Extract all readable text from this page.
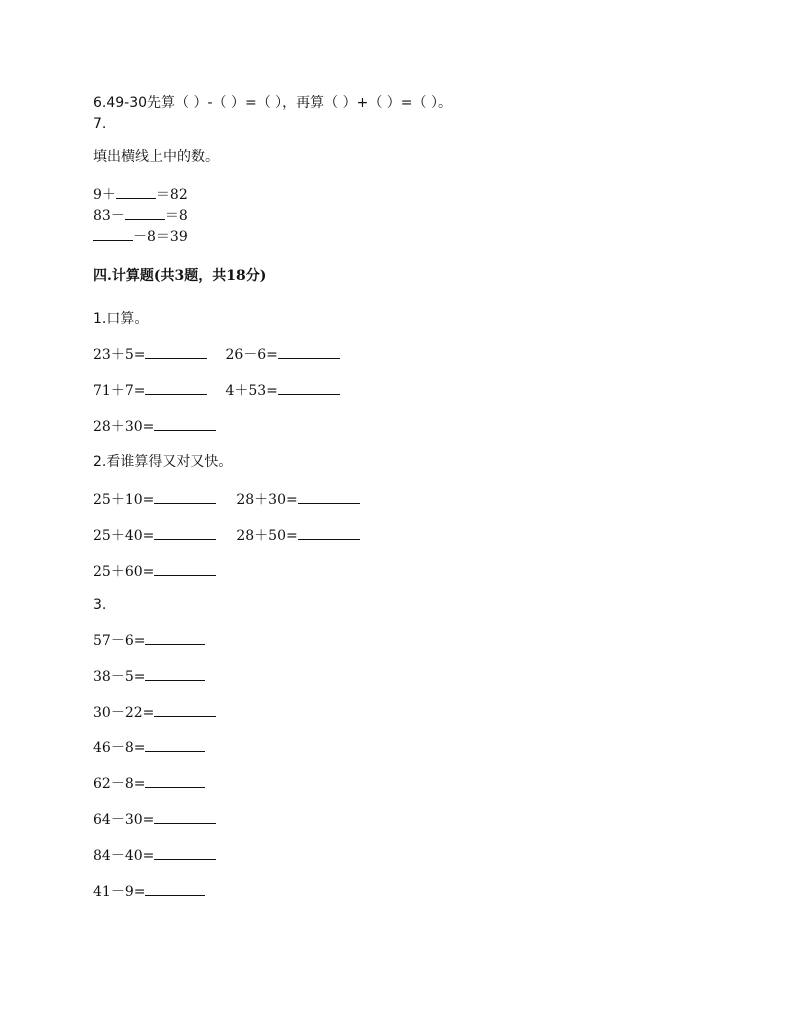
6.49-30先算（ ）-（ ）=（ ），再算（ ）+（ ）=（ ）。
7.
填出横线上中的数。
9＋	＝82
83－	＝8
－8＝39
四.计算题(共3题，共18分)
1.口算。
23＋5=	26－6=
71＋7=	4＋53=
28＋30=
2.看谁算得又对又快。
25＋10=	28＋30=
25＋40=	28＋50=
25＋60=
3.
57－6=
38－5=
30－22=
46－8=
62－8=
64－30=
84－40=
41－9=
